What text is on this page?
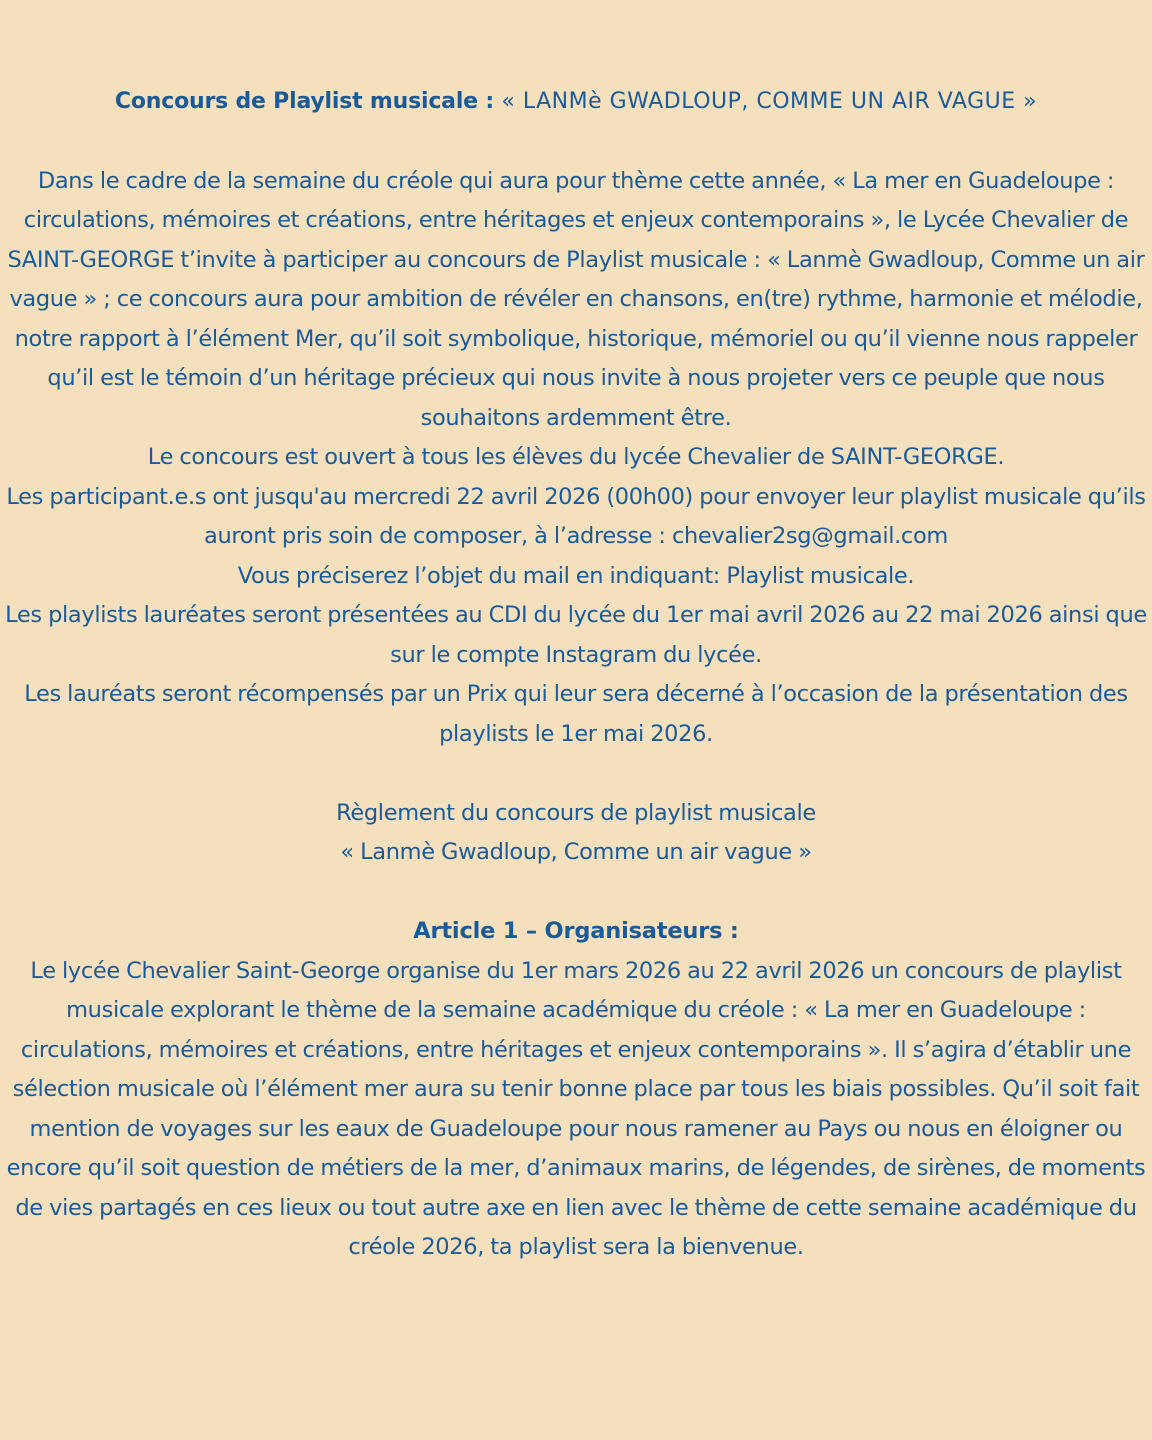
Concours de Playlist musicale : « LANMè GWADLOUP, COMME UN AIR VAGUE »

Dans le cadre de la semaine du créole qui aura pour thème cette année, « La mer en Guadeloupe : circulations, mémoires et créations, entre héritages et enjeux contemporains », le Lycée Chevalier de SAINT-GEORGE t’invite à participer au concours de Playlist musicale : « Lanmè Gwadloup, Comme un air vague » ; ce concours aura pour ambition de révéler en chansons, en(tre) rythme, harmonie et mélodie, notre rapport à l’élément Mer, qu’il soit symbolique, historique, mémoriel ou qu’il vienne nous rappeler qu’il est le témoin d’un héritage précieux qui nous invite à nous projeter vers ce peuple que nous souhaitons ardemment être.

Le concours est ouvert à tous les élèves du lycée Chevalier de SAINT-GEORGE.

Les participant.e.s ont jusqu'au mercredi 22 avril 2026 (00h00) pour envoyer leur playlist musicale qu’ils auront pris soin de composer, à l’adresse : chevalier2sg@gmail.com

Vous préciserez l’objet du mail en indiquant: Playlist musicale.

Les playlists lauréates seront présentées au CDI du lycée du 1er mai avril 2026 au 22 mai 2026 ainsi que sur le compte Instagram du lycée.

Les lauréats seront récompensés par un Prix qui leur sera décerné à l’occasion de la présentation des playlists le 1er mai 2026.

Règlement du concours de playlist musicale

« Lanmè Gwadloup, Comme un air vague »

Article 1 – Organisateurs :

Le lycée Chevalier Saint-George organise du 1er mars 2026 au 22 avril 2026 un concours de playlist musicale explorant le thème de la semaine académique du créole : « La mer en Guadeloupe : circulations, mémoires et créations, entre héritages et enjeux contemporains ». Il s’agira d’établir une sélection musicale où l’élément mer aura su tenir bonne place par tous les biais possibles. Qu’il soit fait mention de voyages sur les eaux de Guadeloupe pour nous ramener au Pays ou nous en éloigner ou encore qu’il soit question de métiers de la mer, d’animaux marins, de légendes, de sirènes, de moments de vies partagés en ces lieux ou tout autre axe en lien avec le thème de cette semaine académique du créole 2026, ta playlist sera la bienvenue.
